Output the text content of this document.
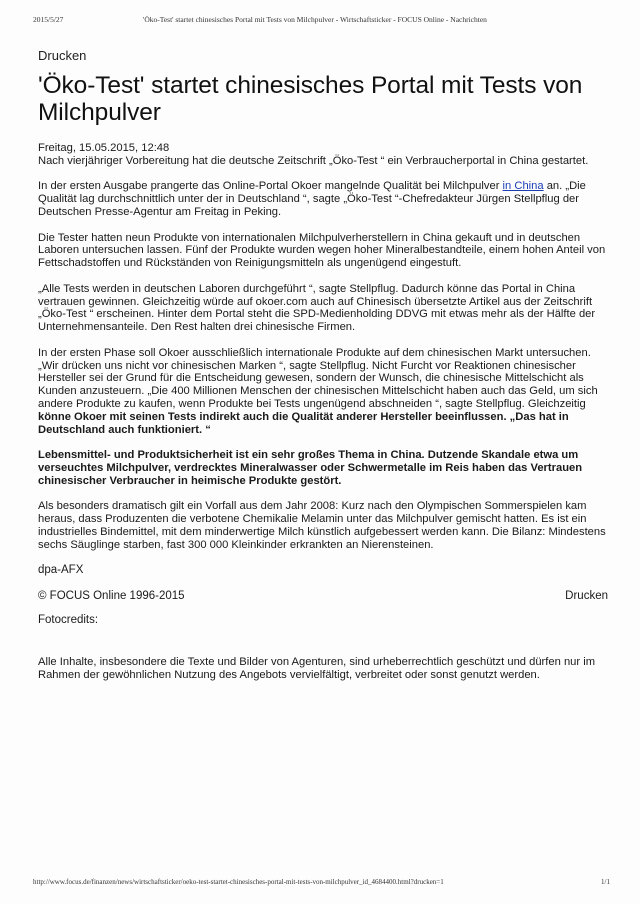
2015/5/27	'Öko-Test' startet chinesisches Portal mit Tests von Milchpulver - Wirtschaftsticker - FOCUS Online - Nachrichten
Drucken
'Öko-Test' startet chinesisches Portal mit Tests von Milchpulver
Freitag, 15.05.2015, 12:48

Nach vierjähriger Vorbereitung hat die deutsche Zeitschrift „Öko-Test “ ein Verbraucherportal in China gestartet.

In der ersten Ausgabe prangerte das Online-Portal Okoer mangelnde Qualität bei Milchpulver in China an. „Die Qualität lag durchschnittlich unter der in Deutschland “, sagte „Öko-Test “-Chefredakteur Jürgen Stellpflug der Deutschen Presse-Agentur am Freitag in Peking.

Die Tester hatten neun Produkte von internationalen Milchpulverherstellern in China gekauft und in deutschen Laboren untersuchen lassen. Fünf der Produkte wurden wegen hoher Mineralbestandteile, einem hohen Anteil von Fettschadstoffen und Rückständen von Reinigungsmitteln als ungenügend eingestuft.

„Alle Tests werden in deutschen Laboren durchgeführt “, sagte Stellpflug. Dadurch könne das Portal in China vertrauen gewinnen. Gleichzeitig würde auf okoer.com auch auf Chinesisch übersetzte Artikel aus der Zeitschrift „Öko-Test “ erscheinen. Hinter dem Portal steht die SPD-Medienholding DDVG mit etwas mehr als der Hälfte der Unternehmensanteile. Den Rest halten drei chinesische Firmen.

In der ersten Phase soll Okoer ausschließlich internationale Produkte auf dem chinesischen Markt untersuchen. „Wir drücken uns nicht vor chinesischen Marken “, sagte Stellpflug. Nicht Furcht vor Reaktionen chinesischer Hersteller sei der Grund für die Entscheidung gewesen, sondern der Wunsch, die chinesische Mittelschicht als Kunden anzusteuern. „Die 400 Millionen Menschen der chinesischen Mittelschicht haben auch das Geld, um sich andere Produkte zu kaufen, wenn Produkte bei Tests ungenügend abschneiden “, sagte Stellpflug. Gleichzeitig könne Okoer mit seinen Tests indirekt auch die Qualität anderer Hersteller beeinflussen. „Das hat in Deutschland auch funktioniert. “

Lebensmittel- und Produktsicherheit ist ein sehr großes Thema in China. Dutzende Skandale etwa um verseuchtes Milchpulver, verdrecktes Mineralwasser oder Schwermetalle im Reis haben das Vertrauen chinesischer Verbraucher in heimische Produkte gestört.

Als besonders dramatisch gilt ein Vorfall aus dem Jahr 2008: Kurz nach den Olympischen Sommerspielen kam heraus, dass Produzenten die verbotene Chemikalie Melamin unter das Milchpulver gemischt hatten. Es ist ein industrielles Bindemittel, mit dem minderwertige Milch künstlich aufgebessert werden kann. Die Bilanz: Mindestens sechs Säuglinge starben, fast 300 000 Kleinkinder erkrankten an Nierensteinen.

dpa-AFX
© FOCUS Online 1996-2015	Drucken
Fotocredits:
Alle Inhalte, insbesondere die Texte und Bilder von Agenturen, sind urheberrechtlich geschützt und dürfen nur im Rahmen der gewöhnlichen Nutzung des Angebots vervielfältigt, verbreitet oder sonst genutzt werden.
http://www.focus.de/finanzen/news/wirtschaftsticker/oeko-test-startet-chinesisches-portal-mit-tests-von-milchpulver_id_4684400.html?drucken=1	1/1
